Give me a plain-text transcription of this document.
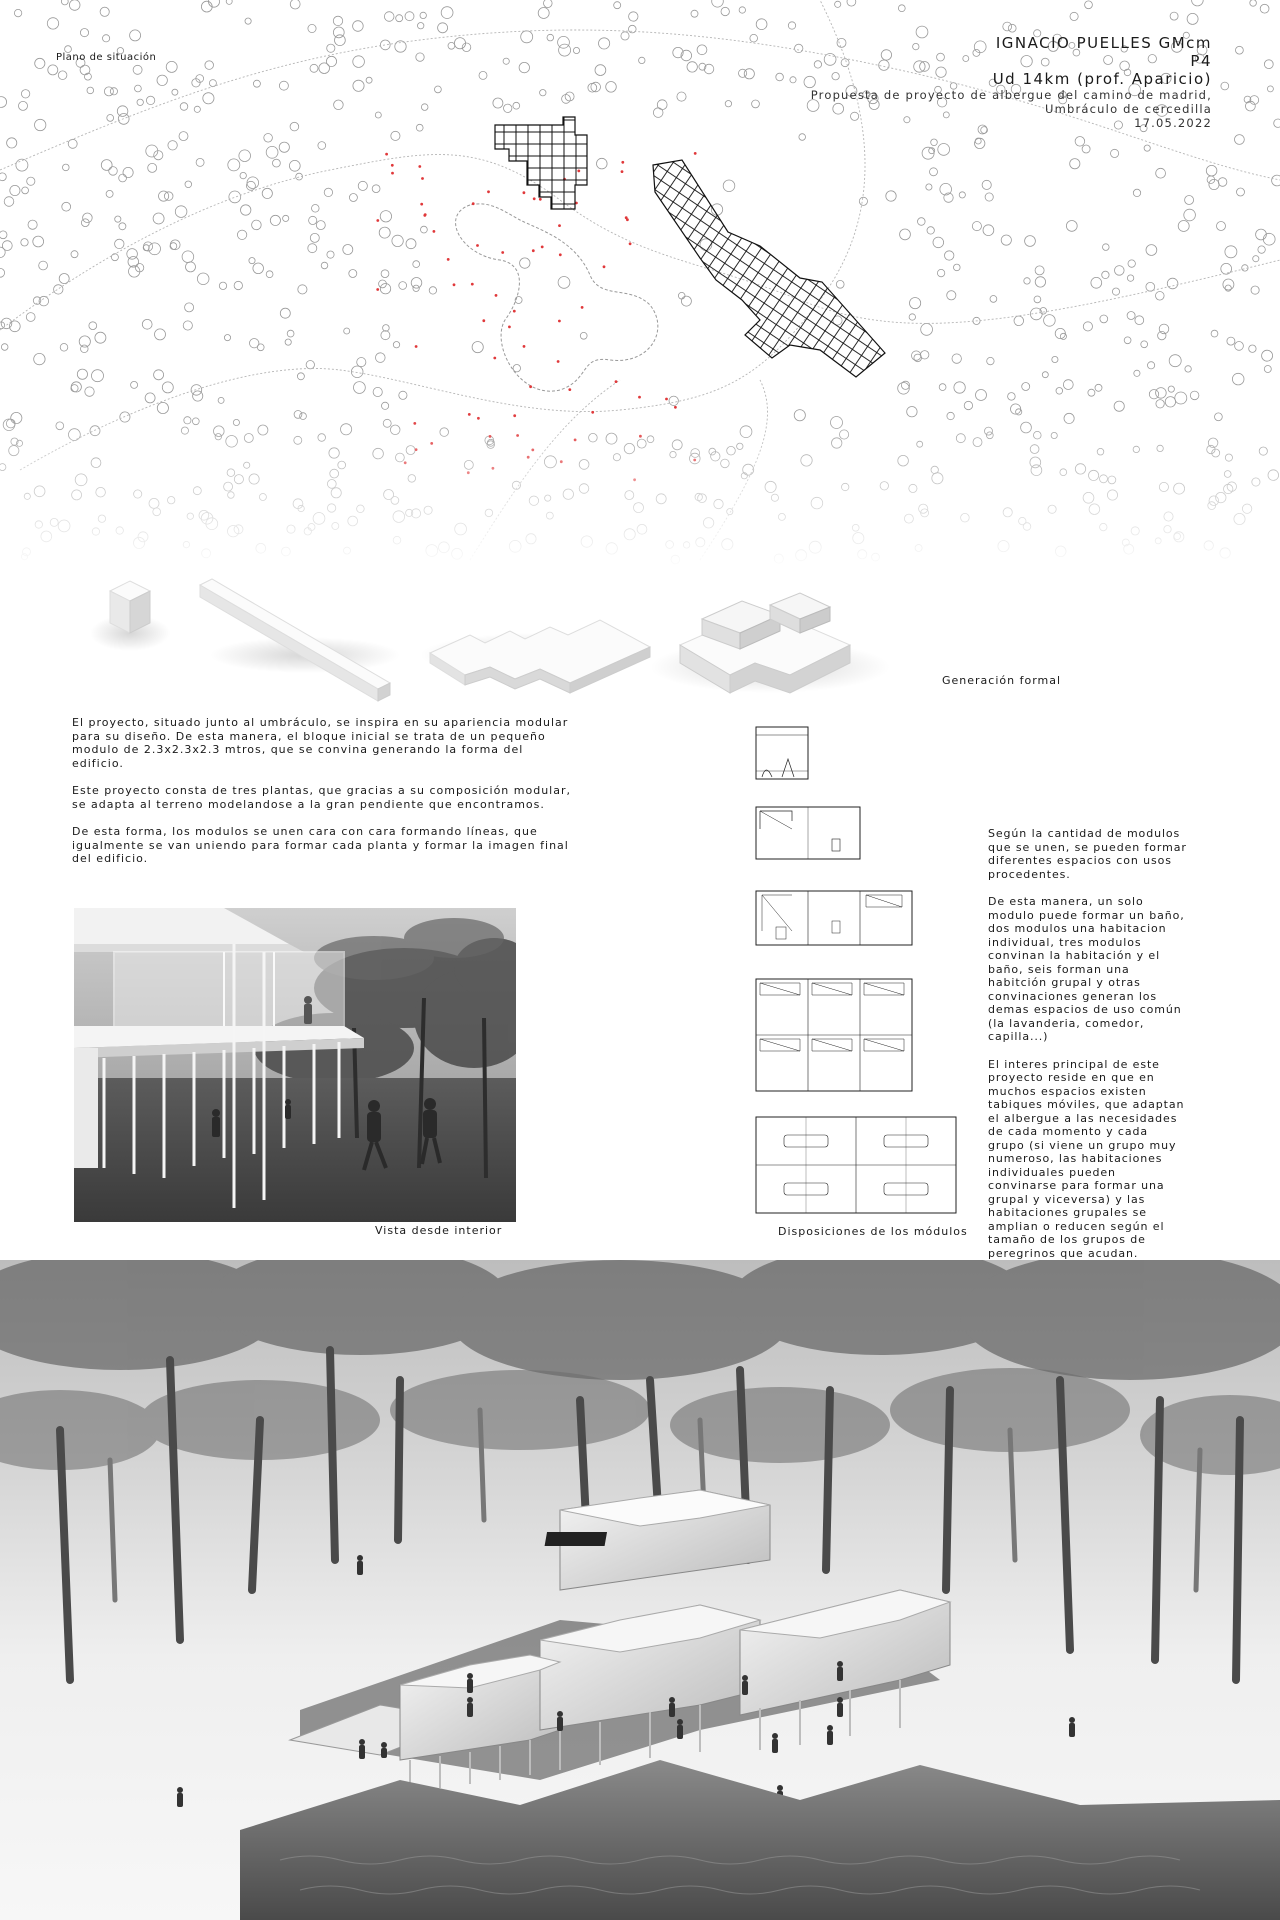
Plano de situación
IGNACIO PUELLES GMcm
P4
Ud 14km (prof. Aparicio)
Propuesta de proyecto de albergue del camino de madrid,
Umbráculo de cercedilla
17.05.2022
Generación formal

El proyecto, situado junto al umbráculo, se inspira en su apariencia modular para su diseño. De esta manera, el bloque inicial se trata de un pequeño modulo de 2.3x2.3x2.3 mtros, que se convina generando la forma del edificio.

Este proyecto consta de tres plantas, que gracias a su composición modular, se adapta al terreno modelandose a la gran pendiente que encontramos.

De esta forma, los modulos se unen cara con cara formando líneas, que igualmente se van uniendo para formar cada planta y formar la imagen final del edificio.

Disposiciones de los módulos

Según la cantidad de modulos que se unen, se pueden formar diferentes espacios con usos procedentes.

De esta manera, un solo modulo puede formar un baño, dos modulos una habitacion individual, tres modulos convinan la habitación y el baño, seis forman una habitción grupal y otras convinaciones generan los demas espacios de uso común (la lavanderia, comedor, capilla...)

El interes principal de este proyecto reside en que en muchos espacios existen tabiques móviles, que adaptan el albergue a las necesidades de cada momento y cada grupo (si viene un grupo muy numeroso, las habitaciones individuales pueden convinarse para formar una grupal y viceversa) y las habitaciones grupales se amplian o reducen según el tamaño de los grupos de peregrinos que acudan.

Vista desde interior
